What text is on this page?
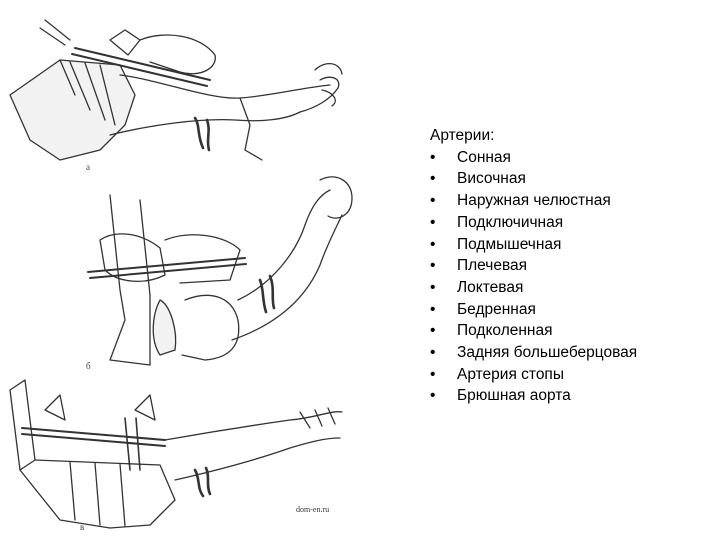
а
б
в
dom-en.ru

Артерии:

• Сонная
• Височная
• Наружная челюстная
• Подключичная
• Подмышечная
• Плечевая
• Локтевая
• Бедренная
• Подколенная
• Задняя большеберцовая
• Артерия стопы
• Брюшная аорта
